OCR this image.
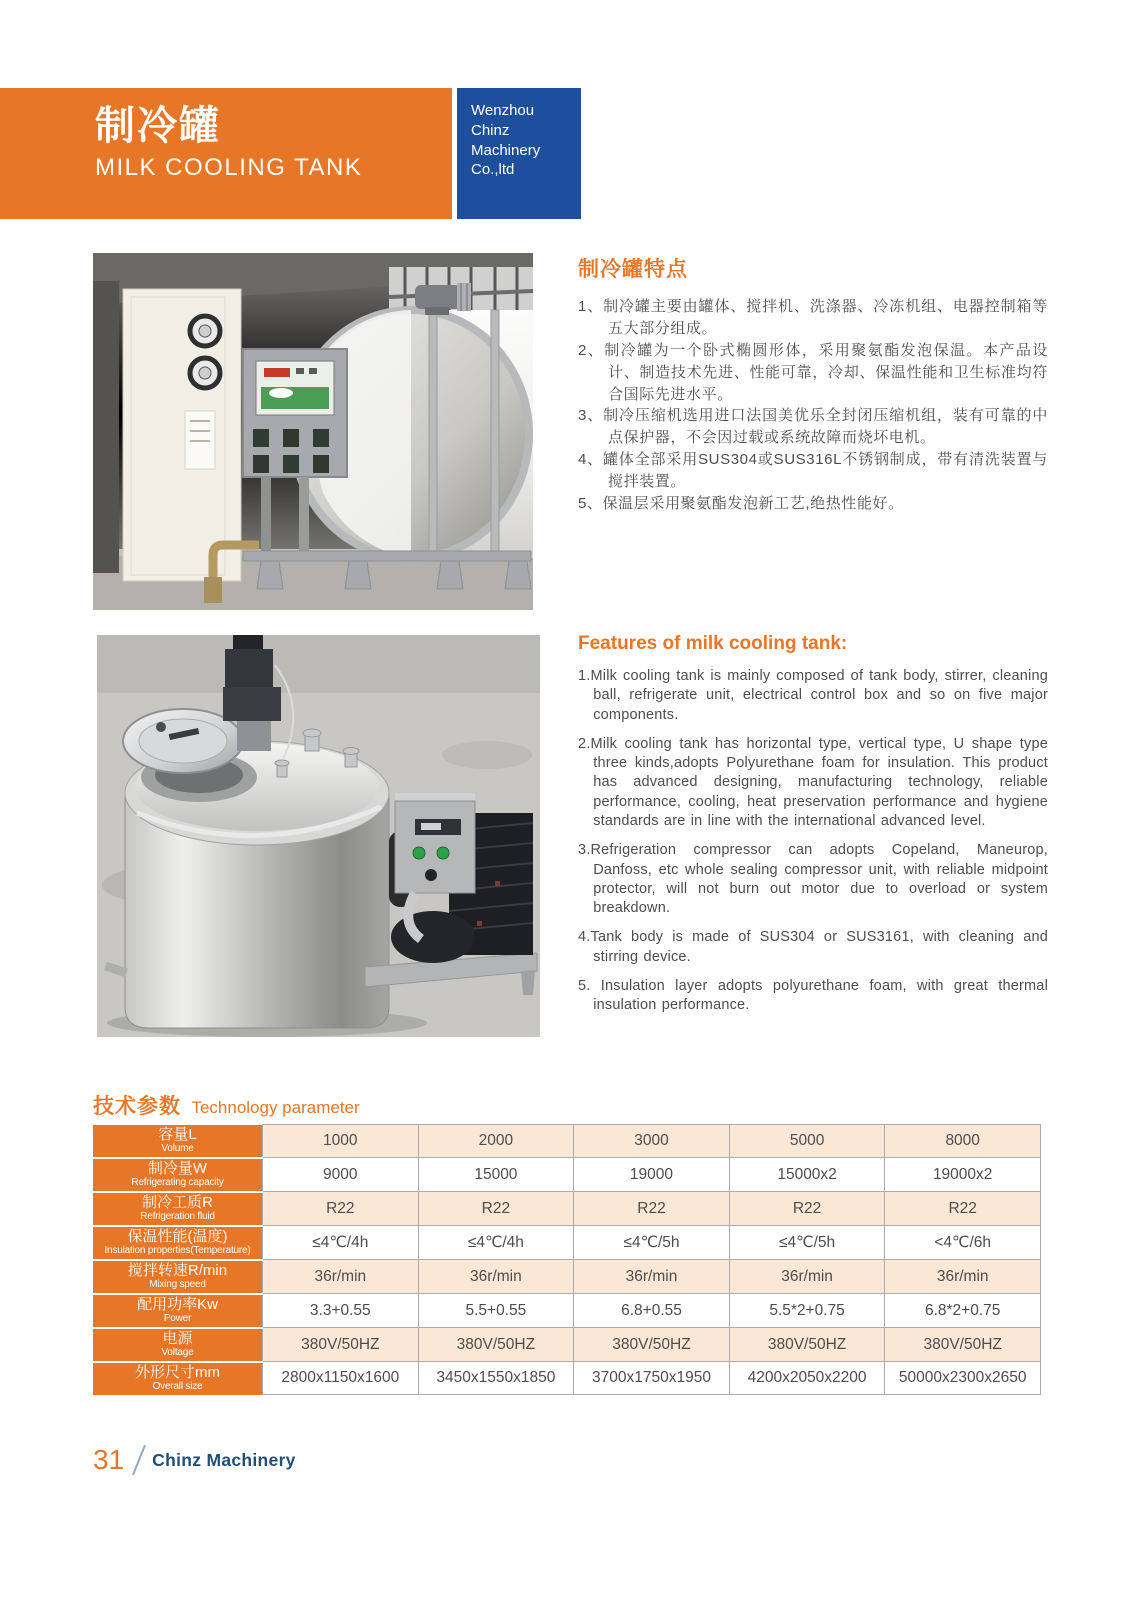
制冷罐
MILK COOLING TANK
Wenzhou
Chinz
Machinery
Co.,ltd
制冷罐特点
1、制冷罐主要由罐体、搅拌机、洗涤器、冷冻机组、电器控制箱等五大部分组成。
2、制冷罐为一个卧式椭圆形体，采用聚氨酯发泡保温。本产品设计、制造技术先进、性能可靠，冷却、保温性能和卫生标准均符合国际先进水平。
3、制冷压缩机选用进口法国美优乐全封闭压缩机组，装有可靠的中点保护器，不会因过载或系统故障而烧坏电机。
4、罐体全部采用SUS304或SUS316L不锈钢制成，带有清洗装置与搅拌装置。
5、保温层采用聚氨酯发泡新工艺,绝热性能好。
Features of milk cooling tank:
1.Milk cooling tank is mainly composed of tank body, stirrer, cleaning ball, refrigerate unit, electrical control box and so on five major components.
2.Milk cooling tank has horizontal type, vertical type, U shape type three kinds,adopts Polyurethane foam for insulation. This product has advanced designing, manufacturing technology, reliable performance, cooling, heat preservation performance and hygiene standards are in line with the international advanced level.
3.Refrigeration compressor can adopts Copeland, Maneurop, Danfoss, etc whole sealing compressor unit, with reliable midpoint protector, will not burn out motor due to overload or system breakdown.
4.Tank body is made of SUS304 or SUS3161, with cleaning and stirring device.
5. Insulation layer adopts polyurethane foam, with great thermal insulation performance.
技术参数 Technology parameter
容量L
Volume	1000	2000	3000	5000	8000

制冷量W
Refrigerating capacity	9000	15000	19000	15000x2	19000x2

制冷工质R
Refrigeration fluid	R22	R22	R22	R22	R22

保温性能(温度)
Insulation properties(Temperature)	≤4℃/4h	≤4℃/4h	≤4℃/5h	≤4℃/5h	<4℃/6h

搅拌转速R/min
Mixing speed	36r/min	36r/min	36r/min	36r/min	36r/min

配用功率Kw
Power	3.3+0.55	5.5+0.55	6.8+0.55	5.5*2+0.75	6.8*2+0.75

电源
Voltage	380V/50HZ	380V/50HZ	380V/50HZ	380V/50HZ	380V/50HZ

外形尺寸mm
Overall size	2800x1150x1600	3450x1550x1850	3700x1750x1950	4200x2050x2200	50000x2300x2650
31 Chinz Machinery
